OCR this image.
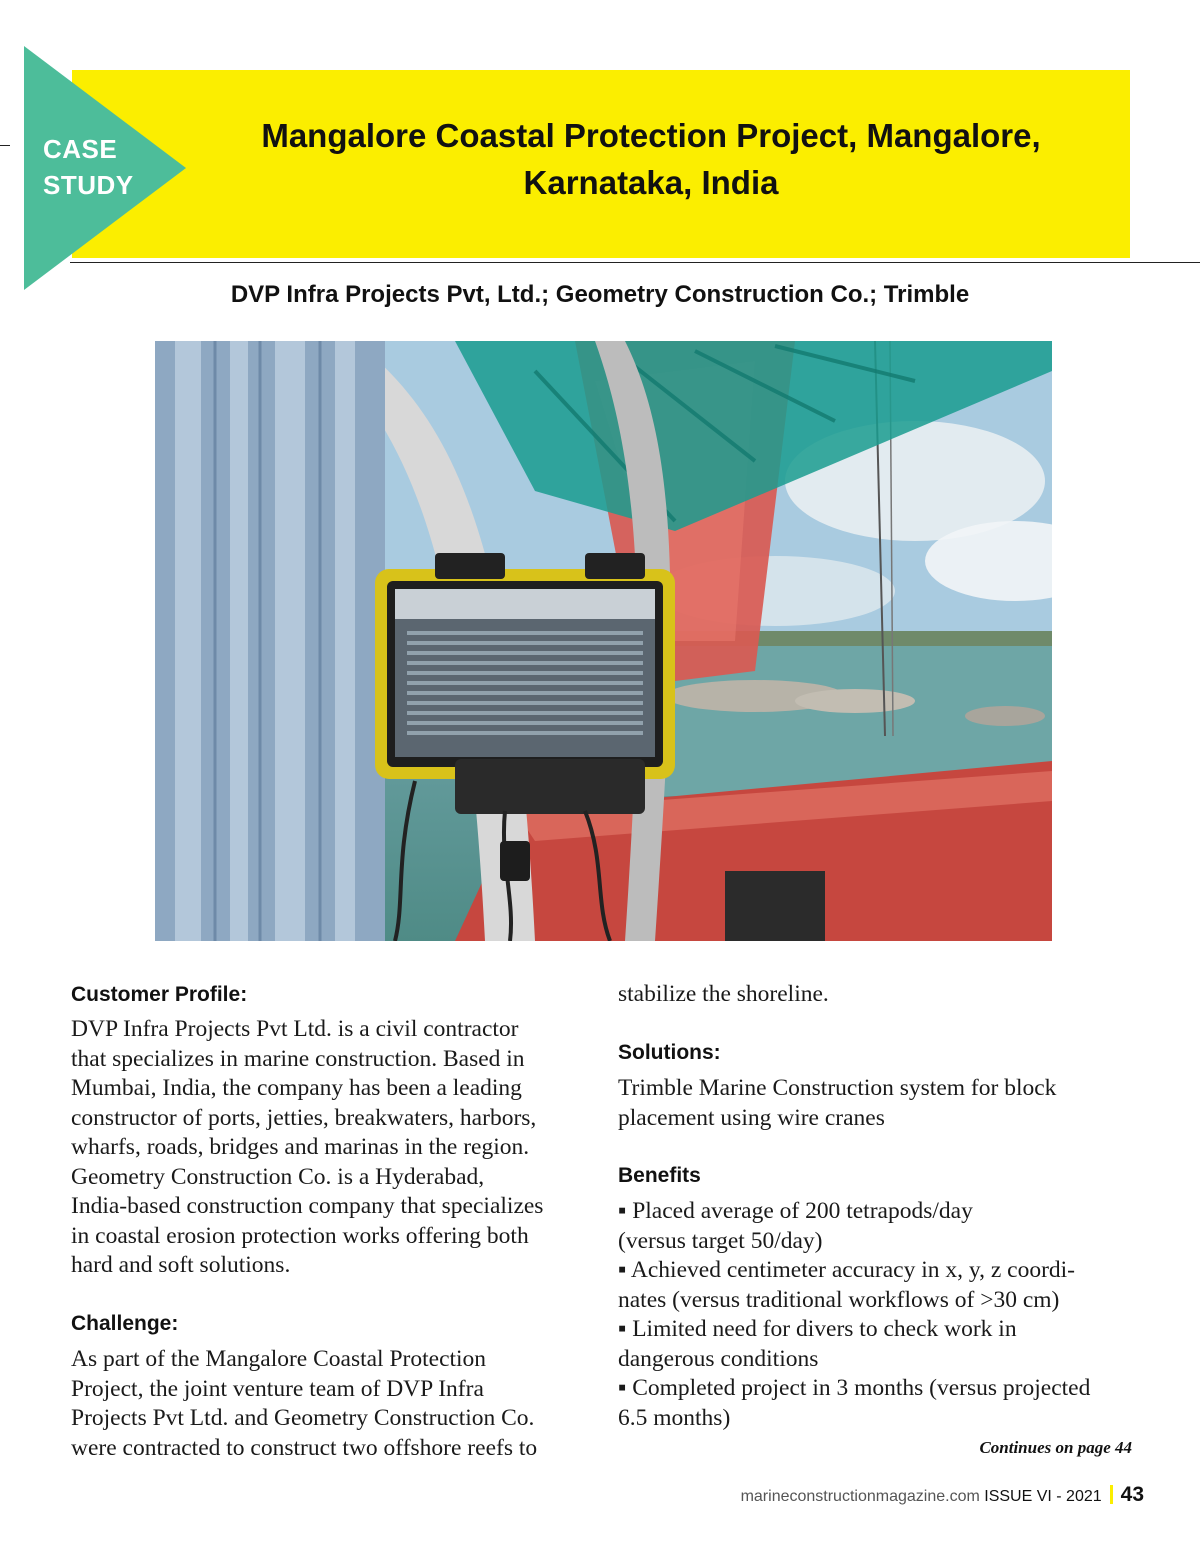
Mangalore Coastal Protection Project, Mangalore,
Karnataka, India
CASE
STUDY
DVP Infra Projects Pvt, Ltd.; Geometry Construction Co.; Trimble
Customer Profile:
DVP Infra Projects Pvt Ltd. is a civil contractor
that specializes in marine construction. Based in
Mumbai, India, the company has been a leading
constructor of ports, jetties, breakwaters, harbors,
wharfs, roads, bridges and marinas in the region.
Geometry Construction Co. is a Hyderabad,
India-based construction company that specializes
in coastal erosion protection works offering both
hard and soft solutions.
Challenge:
As part of the Mangalore Coastal Protection
Project, the joint venture team of DVP Infra
Projects Pvt Ltd. and Geometry Construction Co.
were contracted to construct two offshore reefs to
stabilize the shoreline.
Solutions:
Trimble Marine Construction system for block
placement using wire cranes
Benefits
▪ Placed average of 200 tetrapods/day
(versus target 50/day)
▪ Achieved centimeter accuracy in x, y, z coordi-
nates (versus traditional workflows of >30 cm)
▪ Limited need for divers to check work in
dangerous conditions
▪ Completed project in 3 months (versus projected
6.5 months)
Continues on page 44
marineconstructionmagazine.com ISSUE VI - 2021 43
